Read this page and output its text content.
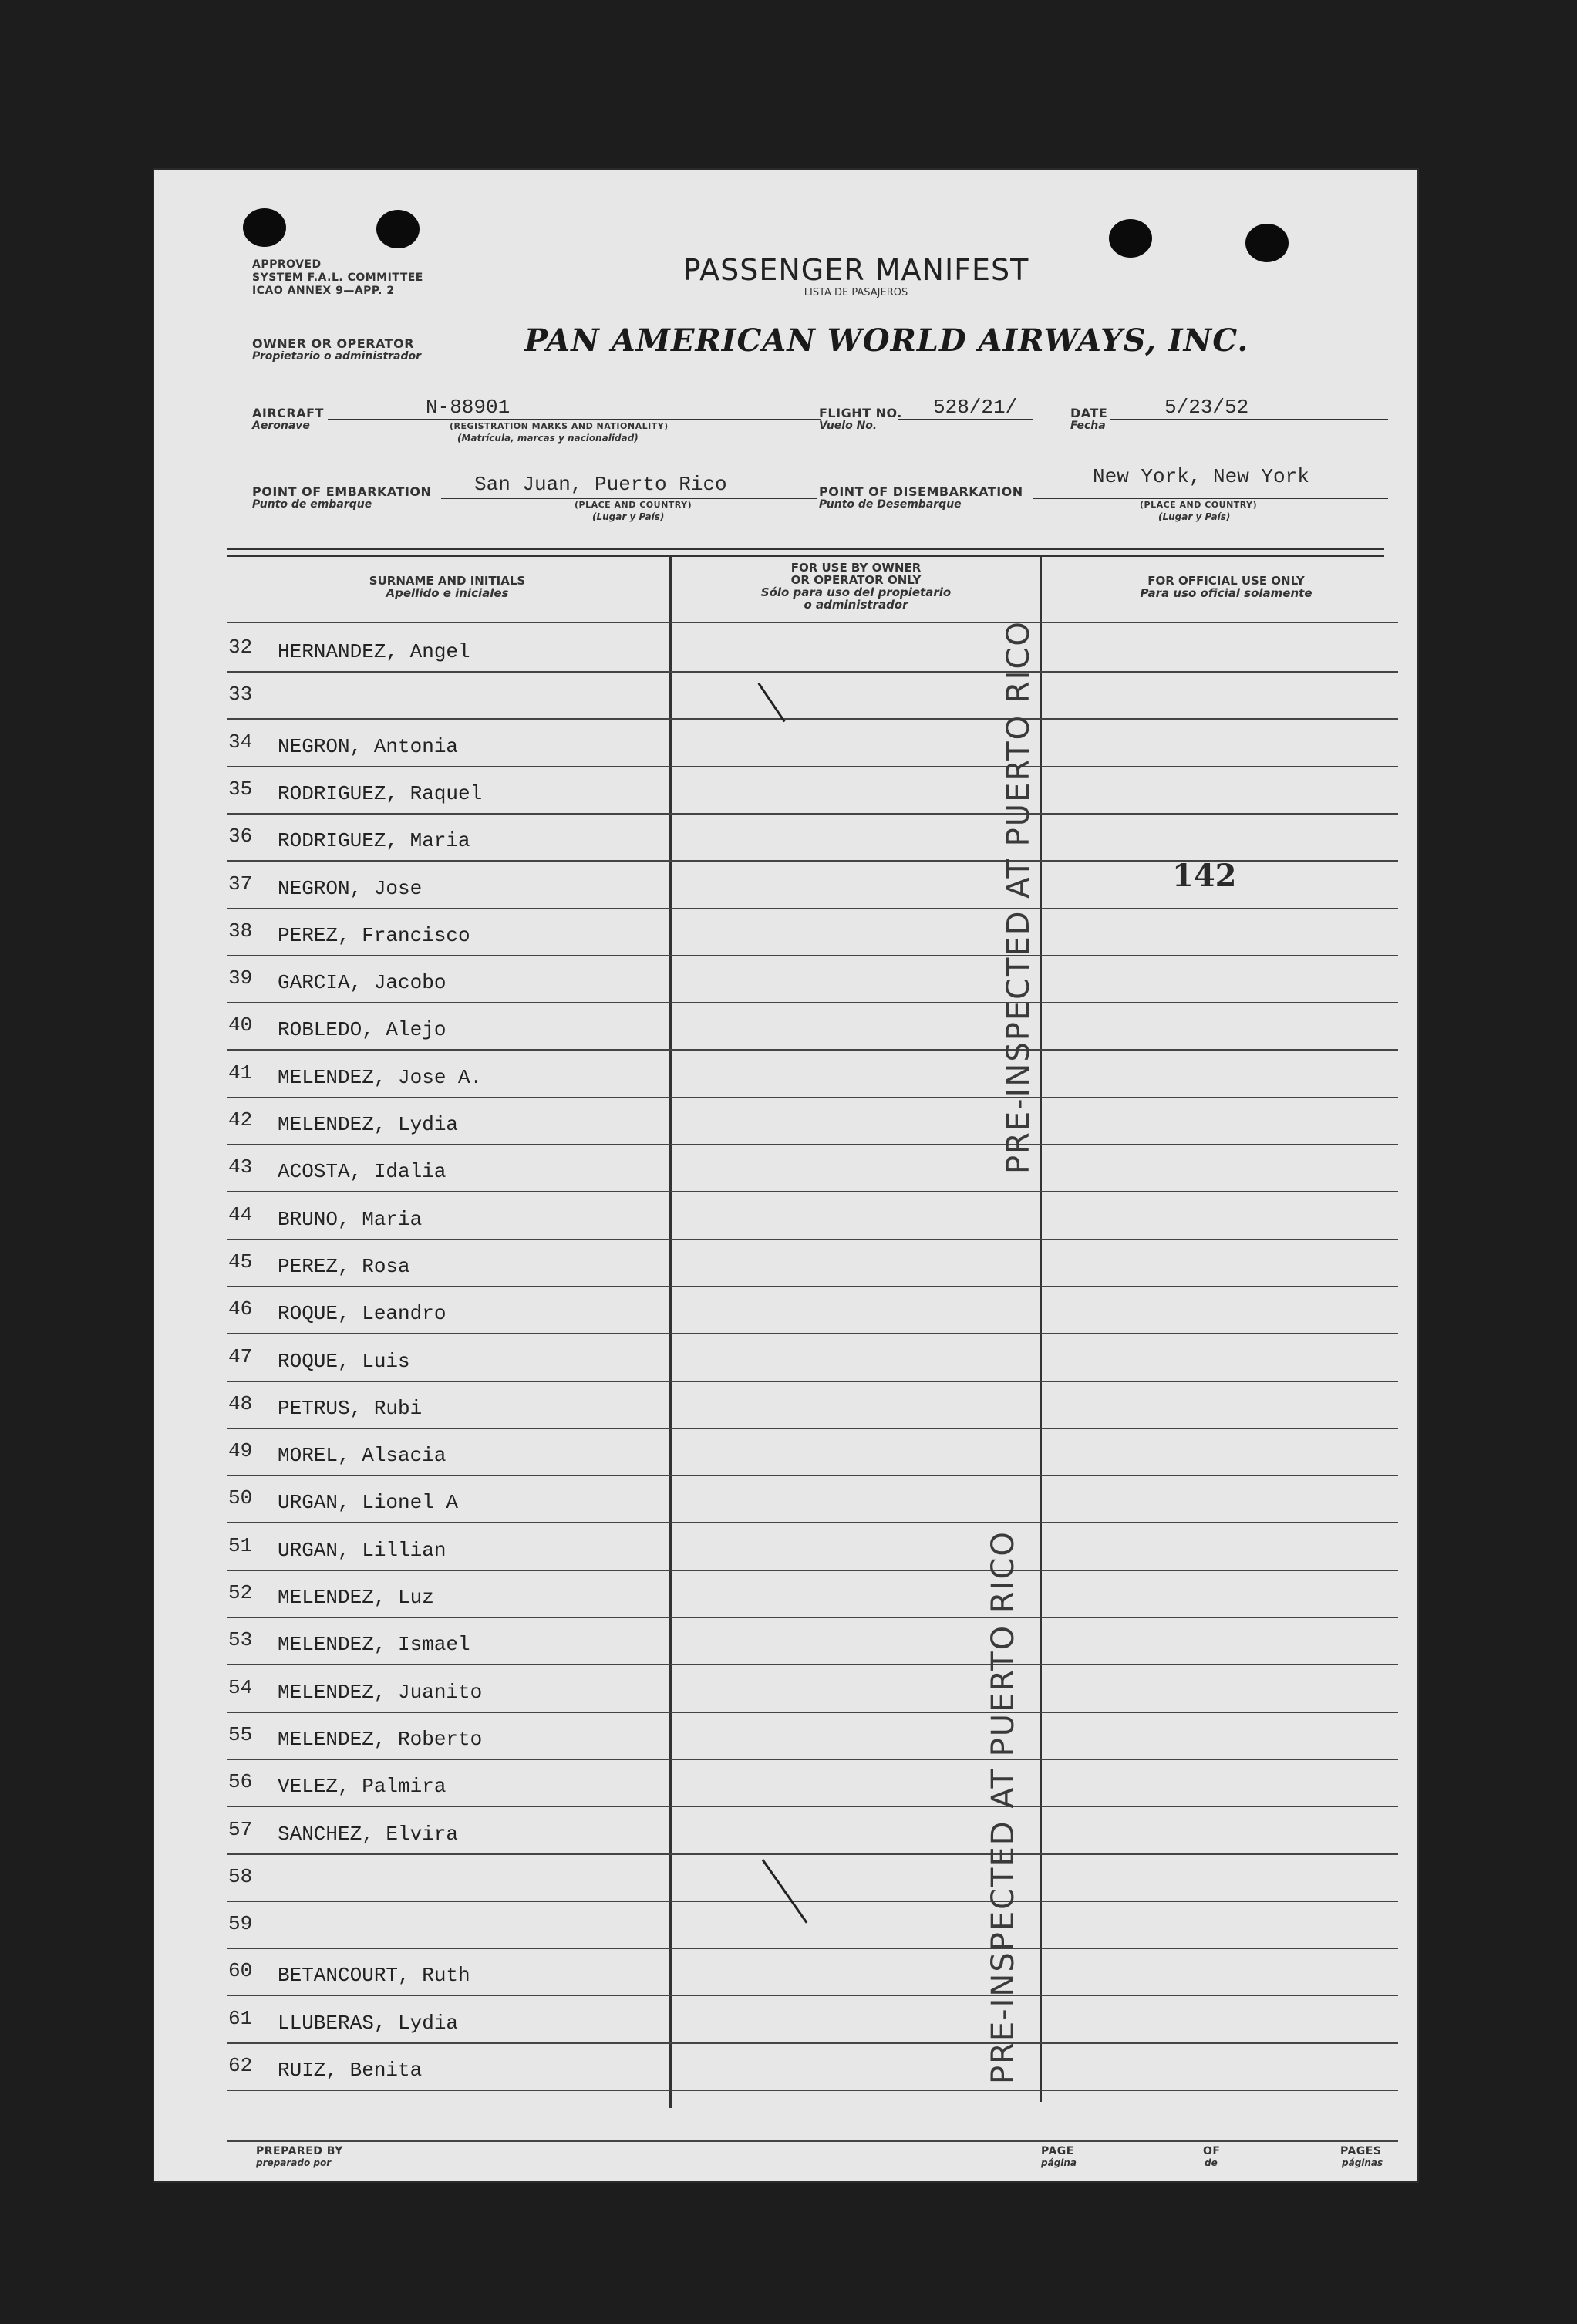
APPROVED
SYSTEM F.A.L. COMMITTEE
ICAO ANNEX 9—APP. 2
PASSENGER MANIFEST
LISTA DE PASAJEROS
OWNER OR OPERATOR
Propietario o administrador	PAN AMERICAN WORLD AIRWAYS, INC.
AIRCRAFT
Aeronave
N-88901
(REGISTRATION MARKS AND NATIONALITY)
(Matrícula, marcas y nacionalidad)
FLIGHT NO.
Vuelo No.
528/21/	DATE
Fecha
5/23/52
POINT OF EMBARKATION
Punto de embarque
San Juan, Puerto Rico
(PLACE AND COUNTRY)
(Lugar y País)
POINT OF DISEMBARKATION
Punto de Desembarque
New York, New York
(PLACE AND COUNTRY)
(Lugar y País)
SURNAME AND INITIALS
Apellido e iniciales
FOR USE BY OWNER
OR OPERATOR ONLY
Sólo para uso del propietario
o administrador
FOR OFFICIAL USE ONLY
Para uso oficial solamente
32 HERNANDEZ, Angel
33
34 NEGRON, Antonia
35 RODRIGUEZ, Raquel
36 RODRIGUEZ, Maria
37 NEGRON, Jose
38 PEREZ, Francisco
39 GARCIA, Jacobo
40 ROBLEDO, Alejo
41 MELENDEZ, Jose A.
42 MELENDEZ, Lydia
43 ACOSTA, Idalia
44 BRUNO, Maria
45 PEREZ, Rosa
46 ROQUE, Leandro
47 ROQUE, Luis
48 PETRUS, Rubi
49 MOREL, Alsacia
50 URGAN, Lionel A
51 URGAN, Lillian
52 MELENDEZ, Luz
53 MELENDEZ, Ismael
54 MELENDEZ, Juanito
55 MELENDEZ, Roberto
56 VELEZ, Palmira
57 SANCHEZ, Elvira
58
59
60 BETANCOURT, Ruth
61 LLUBERAS, Lydia
62 RUIZ, Benita
PRE-INSPECTED AT PUERTO RICO
PRE-INSPECTED AT PUERTO RICO
142
PREPARED BY
preparado por
PAGE
página
OF
de
PAGES
páginas
